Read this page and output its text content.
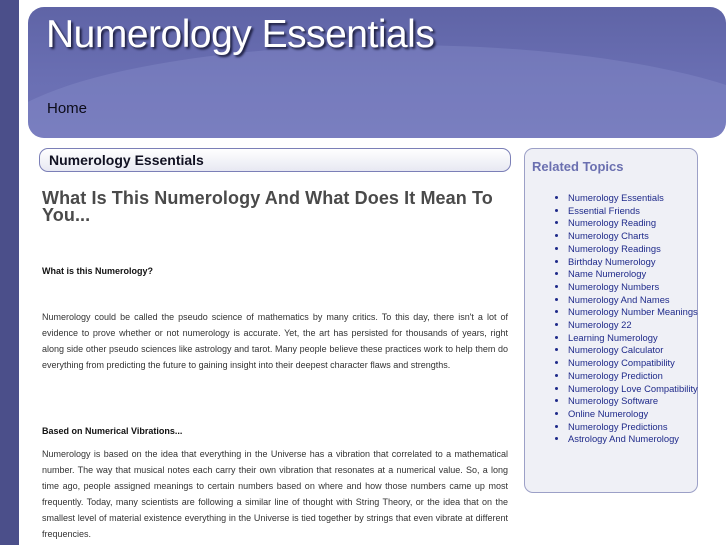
Numerology Essentials
Home
Numerology Essentials
What Is This Numerology And What Does It Mean To You...
What is this Numerology?

Numerology could be called the pseudo science of mathematics by many critics. To this day, there isn't a lot of evidence to prove whether or not numerology is accurate. Yet, the art has persisted for thousands of years, right along side other pseudo sciences like astrology and tarot. Many people believe these practices work to help them do everything from predicting the future to gaining insight into their deepest character flaws and strengths.

Based on Numerical Vibrations...

Numerology is based on the idea that everything in the Universe has a vibration that correlated to a mathematical number. The way that musical notes each carry their own vibration that resonates at a numerical value. So, a long time ago, people assigned meanings to certain numbers based on where and how those numbers came up most frequently. Today, many scientists are following a similar line of thought with String Theory, or the idea that on the smallest level of material existence everything in the Universe is tied together by strings that even vibrate at different frequencies.

Related Topics
• Numerology Essentials
• Essential Friends
• Numerology Reading
• Numerology Charts
• Numerology Readings
• Birthday Numerology
• Name Numerology
• Numerology Numbers
• Numerology And Names
• Numerology Number Meanings
• Numerology 22
• Learning Numerology
• Numerology Calculator
• Numerology Compatibility
• Numerology Prediction
• Numerology Love Compatibility
• Numerology Software
• Online Numerology
• Numerology Predictions
• Astrology And Numerology
